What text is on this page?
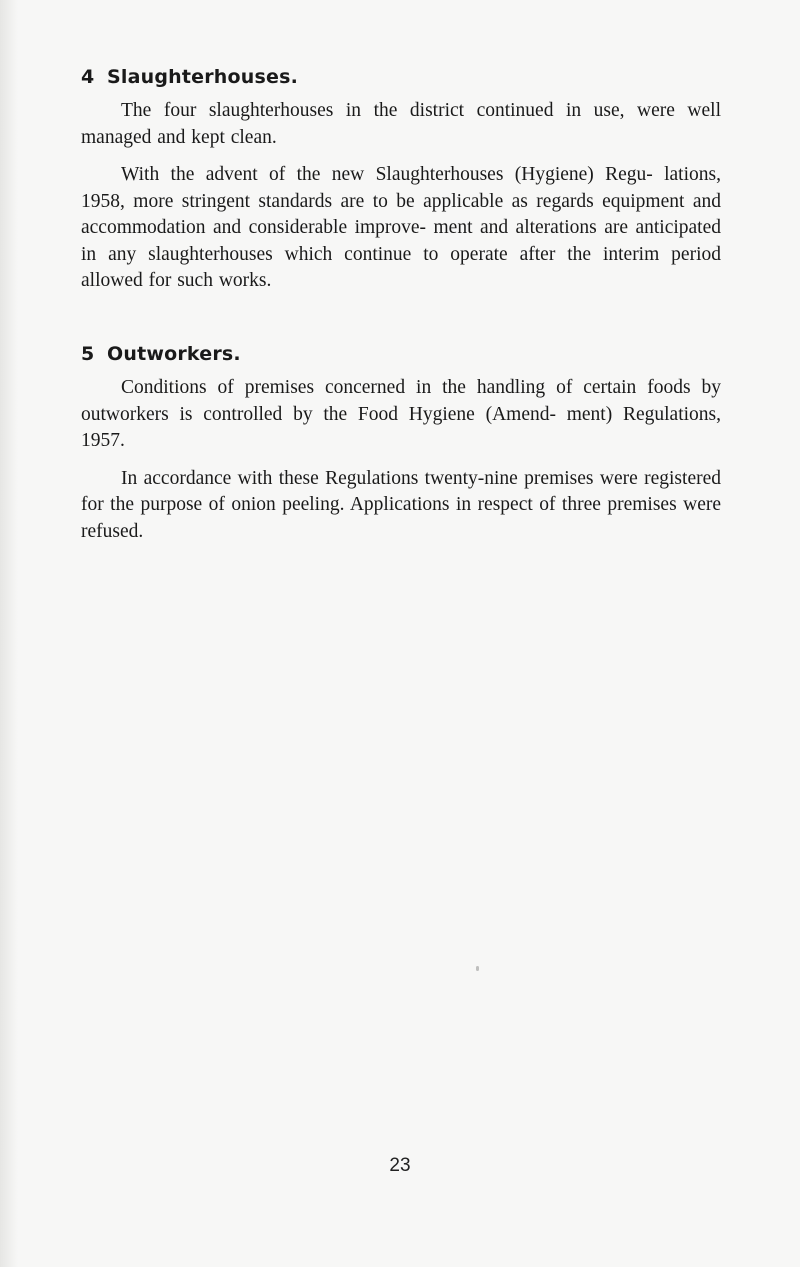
4 Slaughterhouses.

The four slaughterhouses in the district continued in use, were well managed and kept clean.

With the advent of the new Slaughterhouses (Hygiene) Regu- lations, 1958, more stringent standards are to be applicable as regards equipment and accommodation and considerable improve- ment and alterations are anticipated in any slaughterhouses which continue to operate after the interim period allowed for such works.

5 Outworkers.

Conditions of premises concerned in the handling of certain foods by outworkers is controlled by the Food Hygiene (Amend- ment) Regulations, 1957.

In accordance with these Regulations twenty-nine premises were registered for the purpose of onion peeling. Applications in respect of three premises were refused.

23
